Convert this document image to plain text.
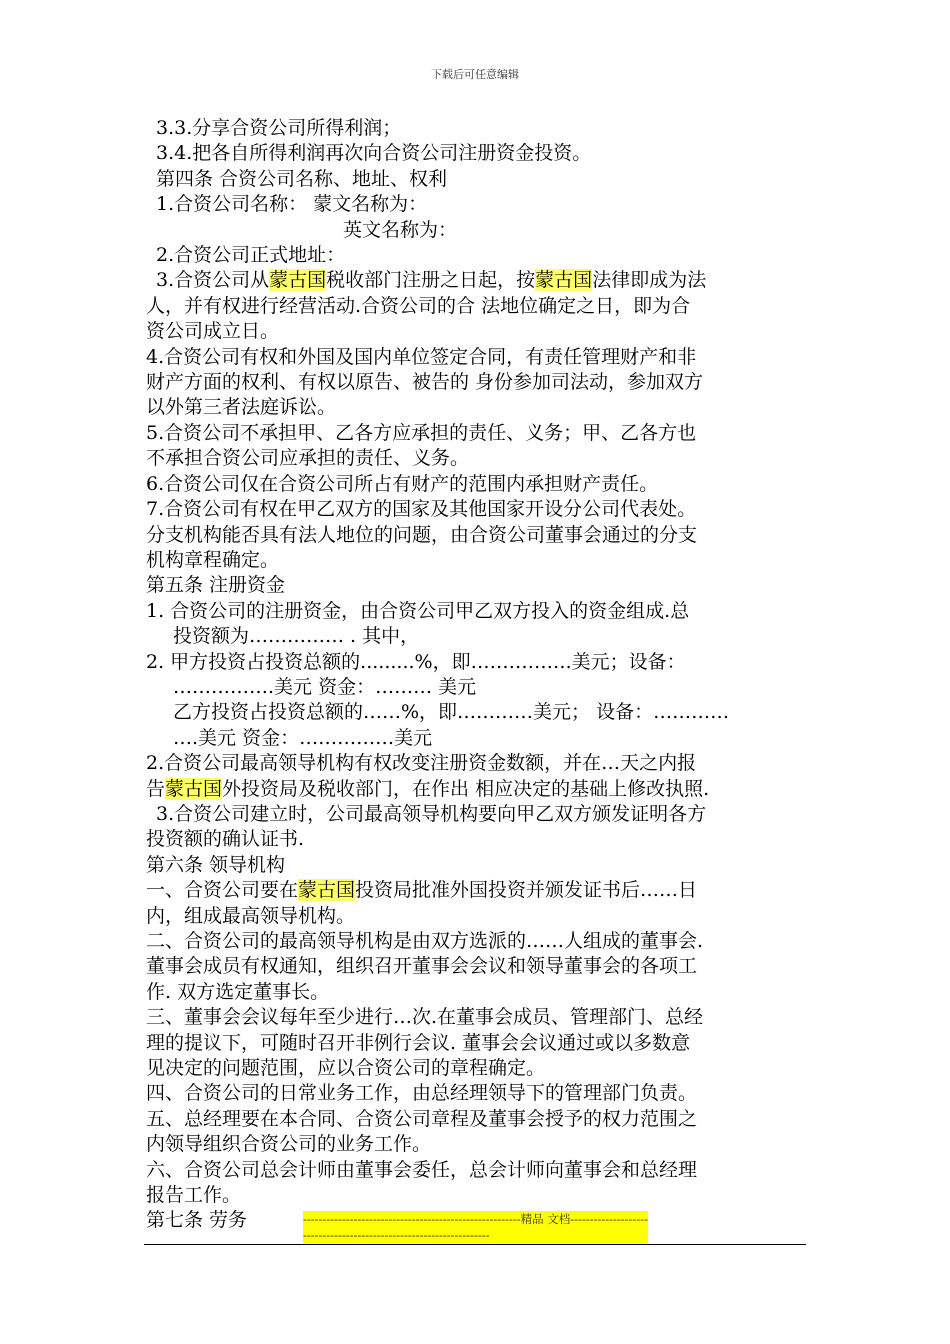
下载后可任意编辑

3.3.分享合资公司所得利润；

3.4.把各自所得利润再次向合资公司注册资金投资。

第四条 合资公司名称、地址、权利

1.合资公司名称： 蒙文名称为：

英文名称为：

2.合资公司正式地址：

3.合资公司从蒙古国税收部门注册之日起，按蒙古国法律即成为法

人，并有权进行经营活动.合资公司的合 法地位确定之日，即为合

资公司成立日。

4.合资公司有权和外国及国内单位签定合同，有责任管理财产和非

财产方面的权利、有权以原告、被告的 身份参加司法动，参加双方

以外第三者法庭诉讼。

5.合资公司不承担甲、乙各方应承担的责任、义务；甲、乙各方也

不承担合资公司应承担的责任、义务。

6.合资公司仅在合资公司所占有财产的范围内承担财产责任。

7.合资公司有权在甲乙双方的国家及其他国家开设分公司代表处。

分支机构能否具有法人地位的问题，由合资公司董事会通过的分支

机构章程确定。

第五条 注册资金

1. 合资公司的注册资金，由合资公司甲乙双方投入的资金组成.总

投资额为…………… . 其中，

2. 甲方投资占投资总额的.........%，即…………….美元；设备：

…………….美元 资金：……… 美元

乙方投资占投资总额的……%，即…………美元； 设备：…………

….美元 资金：……………美元

2.合资公司最高领导机构有权改变注册资金数额，并在…天之内报

告蒙古国外投资局及税收部门，在作出 相应决定的基础上修改执照.

3.合资公司建立时，公司最高领导机构要向甲乙双方颁发证明各方

投资额的确认证书.

第六条 领导机构

一、合资公司要在蒙古国投资局批准外国投资并颁发证书后……日

内，组成最高领导机构。

二、合资公司的最高领导机构是由双方选派的……人组成的董事会.

董事会成员有权通知，组织召开董事会会议和领导董事会的各项工

作. 双方选定董事长。

三、董事会会议每年至少进行…次.在董事会成员、管理部门、总经

理的提议下，可随时召开非例行会议. 董事会会议通过或以多数意

见决定的问题范围，应以合资公司的章程确定。

四、合资公司的日常业务工作，由总经理领导下的管理部门负责。

五、总经理要在本合同、合资公司章程及董事会授予的权力范围之

内领导组织合资公司的业务工作。

六、合资公司总会计师由董事会委任，总会计师向董事会和总经理

报告工作。

第七条 劳务	--------------------------------------------------------精品 文档--------------------------------------------------------------------
